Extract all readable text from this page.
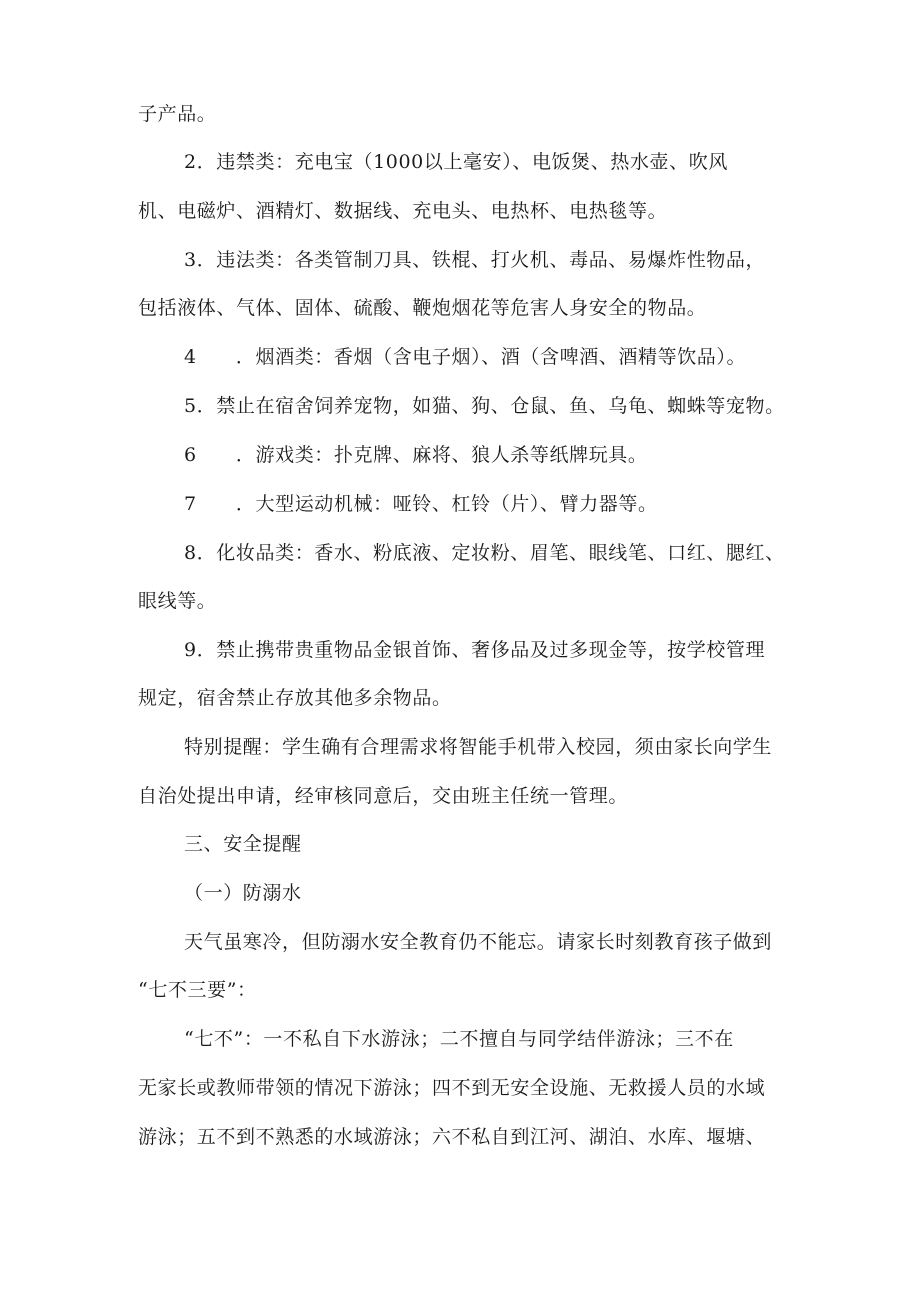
子产品。
2．违禁类：充电宝（1000以上毫安）、电饭煲、热水壶、吹风
机、电磁炉、酒精灯、数据线、充电头、电热杯、电热毯等。
3．违法类：各类管制刀具、铁棍、打火机、毒品、易爆炸性物品，
包括液体、气体、固体、硫酸、鞭炮烟花等危害人身安全的物品。
4　　．烟酒类：香烟（含电子烟）、酒（含啤酒、酒精等饮品）。
5．禁止在宿舍饲养宠物，如猫、狗、仓鼠、鱼、乌龟、蜘蛛等宠物。
6　　．游戏类：扑克牌、麻将、狼人杀等纸牌玩具。
7　　．大型运动机械：哑铃、杠铃（片）、臂力器等。
8．化妆品类：香水、粉底液、定妆粉、眉笔、眼线笔、口红、腮红、
眼线等。
9．禁止携带贵重物品金银首饰、奢侈品及过多现金等，按学校管理
规定，宿舍禁止存放其他多余物品。
特别提醒：学生确有合理需求将智能手机带入校园，须由家长向学生
自治处提出申请，经审核同意后，交由班主任统一管理。
三、安全提醒
（一）防溺水
天气虽寒冷，但防溺水安全教育仍不能忘。请家长时刻教育孩子做到
“七不三要”：
“七不”：一不私自下水游泳；二不擅自与同学结伴游泳；三不在
无家长或教师带领的情况下游泳；四不到无安全设施、无救援人员的水域
游泳；五不到不熟悉的水域游泳；六不私自到江河、湖泊、水库、堰塘、
